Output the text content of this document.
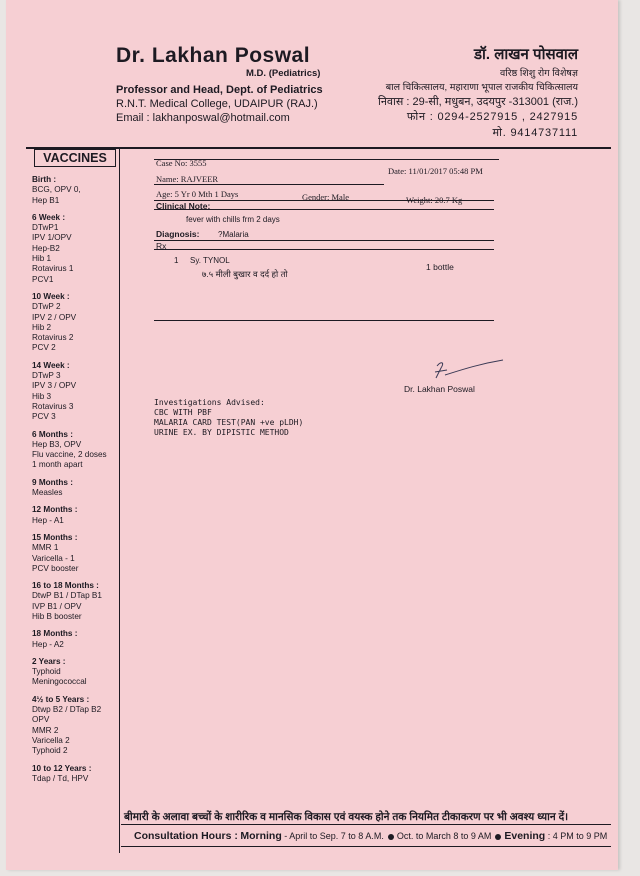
Dr. Lakhan Poswal
M.D. (Pediatrics)
Professor and Head, Dept. of Pediatrics
R.N.T. Medical College, UDAIPUR (RAJ.)
Email : lakhanposwal@hotmail.com
डॉ. लाखन पोसवाल
वरिष्ठ शिशु रोग विशेषज्ञ
बाल चिकित्सालय, महाराणा भूपाल राजकीय चिकित्सालय
निवास : 29-सी, मधुबन, उदयपुर -313001 (राज.)
फोन : 0294-2527915 , 2427915
मो. 9414737111
VACCINES
Birth :
BCG, OPV 0,
Hep B1
6 Week :
DTwP1
IPV 1/OPV
Hep-B2
Hib 1
Rotavirus 1
PCV1
10 Week :
DTwP 2
IPV 2 / OPV
Hib 2
Rotavirus 2
PCV 2
14 Week :
DTwP 3
IPV 3 / OPV
Hib 3
Rotavirus 3
PCV 3
6 Months :
Hep B3, OPV
Flu vaccine, 2 doses
1 month apart
9 Months :
Measles
12 Months :
Hep - A1
15 Months :
MMR 1
Varicella - 1
PCV booster
16 to 18 Months :
DtwP B1 / DTap B1
IVP B1 / OPV
Hib B booster
18 Months :
Hep - A2
2 Years :
Typhoid
Meningococcal
4½ to 5 Years :
Dtwp B2 / DTap B2
OPV
MMR 2
Varicella 2
Typhoid 2
10 to 12 Years :
Tdap / Td, HPV
Case No: 3555
Date: 11/01/2017 05:48 PM
Name: RAJVEER
Age: 5 Yr 0 Mth 1 Days	Gender: Male	Weight: 20.7 Kg
Clinical Note:
fever with chills frm 2 days
Diagnosis: ?Malaria
Rx
1 Sy. TYNOL
1 bottle
७.५ मीली बुखार व दर्द हो तो
Dr. Lakhan Poswal
Investigations Advised:
CBC WITH PBF
MALARIA CARD TEST(PAN +ve pLDH)
URINE EX. BY DIPISTIC METHOD
बीमारी के अलावा बच्चों के शारीरिक व मानसिक विकास एवं वयस्क होने तक नियमित टीकाकरण पर भी अवश्य ध्यान दें।
Consultation Hours : Morning - April to Sep. 7 to 8 A.M. Oct. to March 8 to 9 AM Evening : 4 PM to 9 PM
